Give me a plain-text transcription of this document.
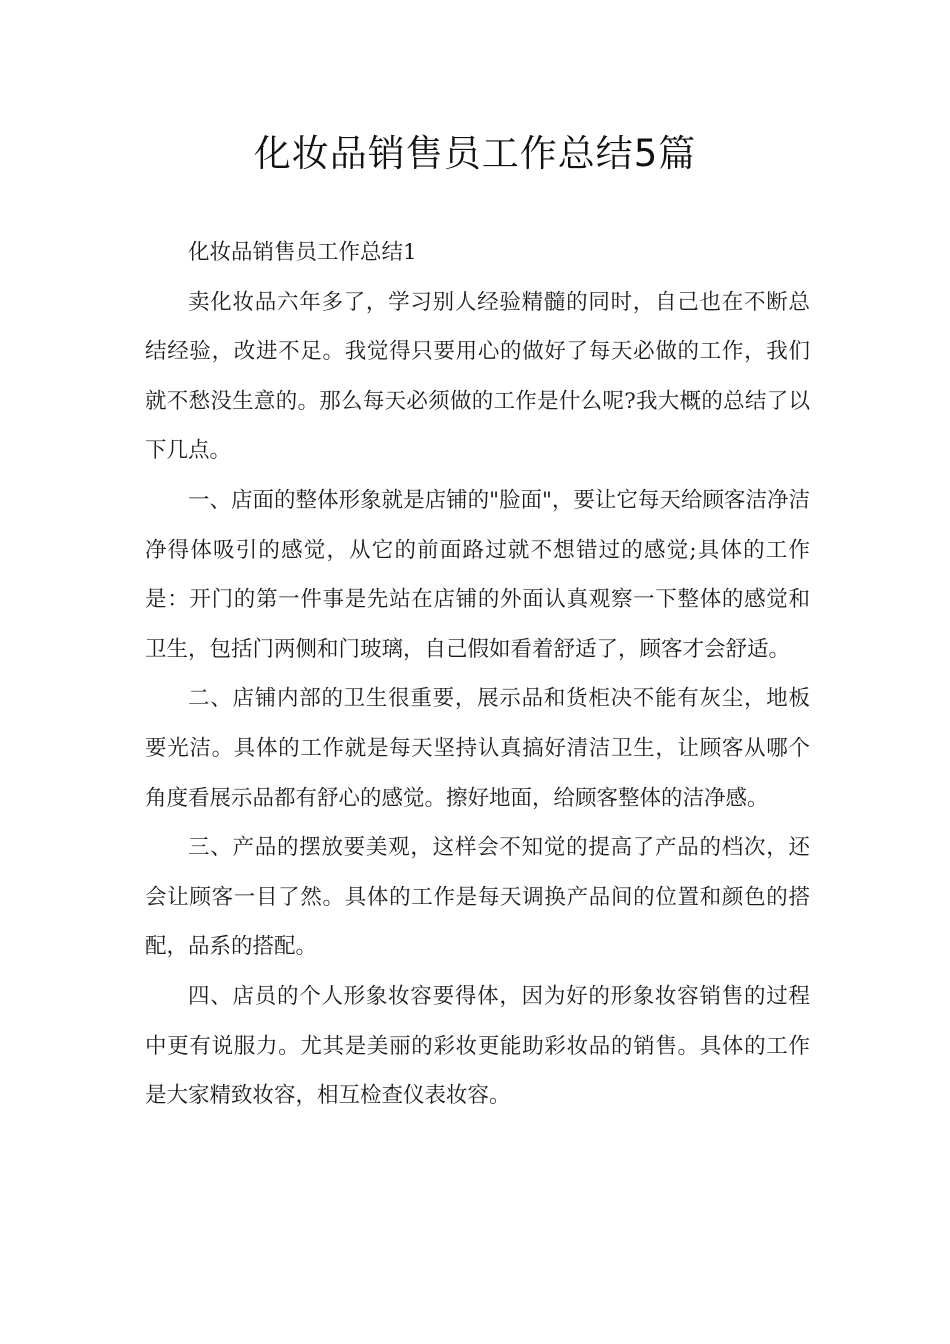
化妆品销售员工作总结5篇

化妆品销售员工作总结1

卖化妆品六年多了，学习别人经验精髓的同时，自己也在不断总结经验，改进不足。我觉得只要用心的做好了每天必做的工作，我们就不愁没生意的。那么每天必须做的工作是什么呢?我大概的总结了以下几点。

一、店面的整体形象就是店铺的"脸面"，要让它每天给顾客洁净洁净得体吸引的感觉，从它的前面路过就不想错过的感觉;具体的工作是：开门的第一件事是先站在店铺的外面认真观察一下整体的感觉和卫生，包括门两侧和门玻璃，自己假如看着舒适了，顾客才会舒适。

二、店铺内部的卫生很重要，展示品和货柜决不能有灰尘，地板要光洁。具体的工作就是每天坚持认真搞好清洁卫生，让顾客从哪个角度看展示品都有舒心的感觉。擦好地面，给顾客整体的洁净感。

三、产品的摆放要美观，这样会不知觉的提高了产品的档次，还会让顾客一目了然。具体的工作是每天调换产品间的位置和颜色的搭配，品系的搭配。

四、店员的个人形象妆容要得体，因为好的形象妆容销售的过程中更有说服力。尤其是美丽的彩妆更能助彩妆品的销售。具体的工作是大家精致妆容，相互检查仪表妆容。
